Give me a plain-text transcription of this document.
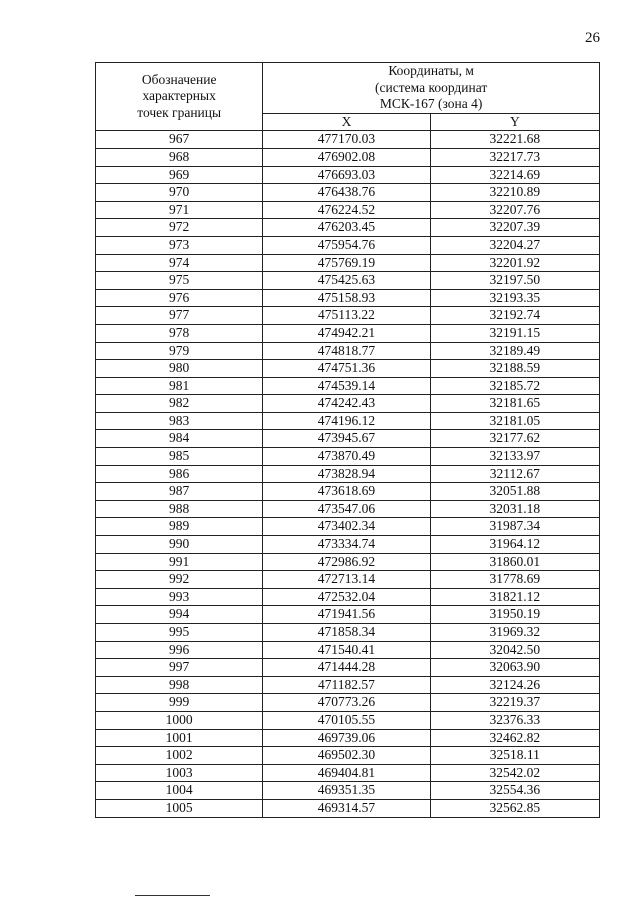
26
Обозначение
характерных
точек границы	Координаты, м
(система координат
МСК-167 (зона 4)	

	X	Y
967	477170.03	32221.68
968	476902.08	32217.73
969	476693.03	32214.69
970	476438.76	32210.89
971	476224.52	32207.76
972	476203.45	32207.39
973	475954.76	32204.27
974	475769.19	32201.92
975	475425.63	32197.50
976	475158.93	32193.35
977	475113.22	32192.74
978	474942.21	32191.15
979	474818.77	32189.49
980	474751.36	32188.59
981	474539.14	32185.72
982	474242.43	32181.65
983	474196.12	32181.05
984	473945.67	32177.62
985	473870.49	32133.97
986	473828.94	32112.67
987	473618.69	32051.88
988	473547.06	32031.18
989	473402.34	31987.34
990	473334.74	31964.12
991	472986.92	31860.01
992	472713.14	31778.69
993	472532.04	31821.12
994	471941.56	31950.19
995	471858.34	31969.32
996	471540.41	32042.50
997	471444.28	32063.90
998	471182.57	32124.26
999	470773.26	32219.37
1000	470105.55	32376.33
1001	469739.06	32462.82
1002	469502.30	32518.11
1003	469404.81	32542.02
1004	469351.35	32554.36
1005	469314.57	32562.85
